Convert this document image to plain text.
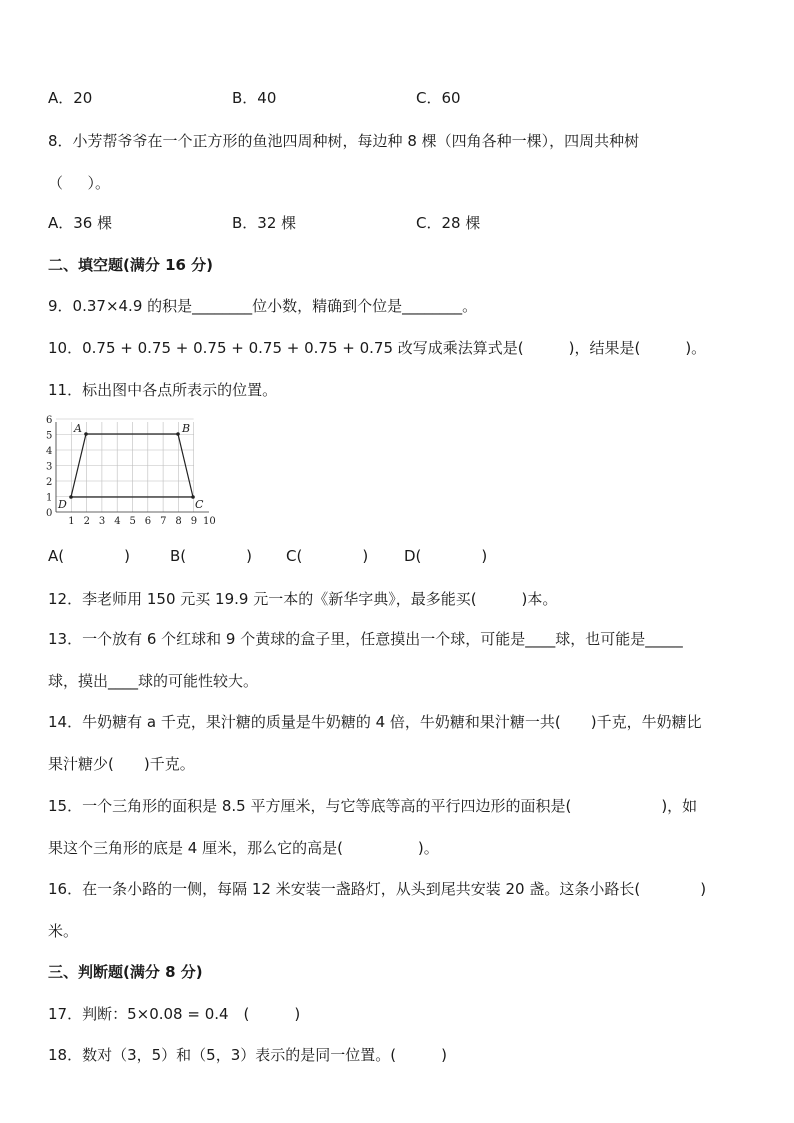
A．20	B．40	C．60
8．小芳帮爷爷在一个正方形的鱼池四周种树，每边种 8 棵（四角各种一棵），四周共种树
（　  ）。
A．36 棵	B．32 棵	C．28 棵
二、填空题(满分 16 分)
9．0.37×4.9 的积是________位小数，精确到个位是________。
10．0.75 + 0.75 + 0.75 + 0.75 + 0.75 + 0.75 改写成乘法算式是(　　　)，结果是(　　　)。
11．标出图中各点所表示的位置。
A	B
C
D
6
5
4
3
2
1
0
1 2 3 4 5 6 7 8 9 10
A(　　　　)	B(　　　　) C(　　　　) D(　　　　)
12．李老师用 150 元买 19.9 元一本的《新华字典》，最多能买(　　　)本。
13．一个放有 6 个红球和 9 个黄球的盒子里，任意摸出一个球，可能是____球，也可能是_____
球，摸出____球的可能性较大。
14．牛奶糖有 a 千克，果汁糖的质量是牛奶糖的 4 倍，牛奶糖和果汁糖一共(　　)千克，牛奶糖比
果汁糖少(　　)千克。
15．一个三角形的面积是 8.5 平方厘米，与它等底等高的平行四边形的面积是(　　　　　　)，如
果这个三角形的底是 4 厘米，那么它的高是(　　　　　)。
16．在一条小路的一侧，每隔 12 米安装一盏路灯，从头到尾共安装 20 盏。这条小路长(　　　　)
米。
三、判断题(满分 8 分)
17．判断：5×0.08 = 0.4　(　　　)
18．数对（3，5）和（5，3）表示的是同一位置。(　　　)
